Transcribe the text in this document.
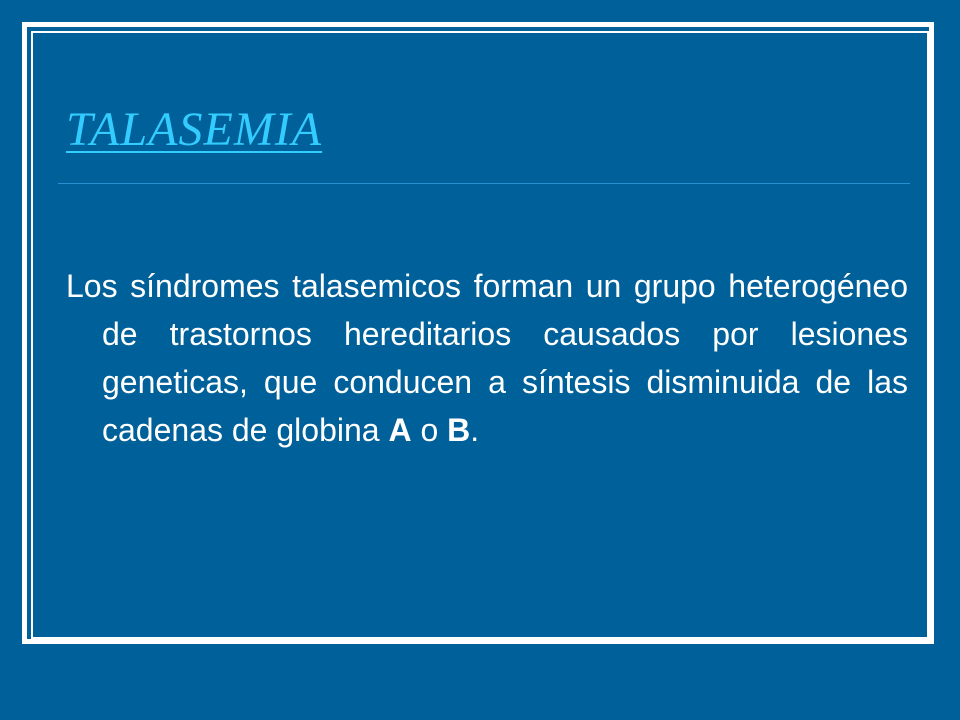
TALASEMIA

Los síndromes talasemicos forman un grupo heterogéneo de trastornos hereditarios causados por lesiones geneticas, que conducen a síntesis disminuida de las cadenas de globina A o B.
